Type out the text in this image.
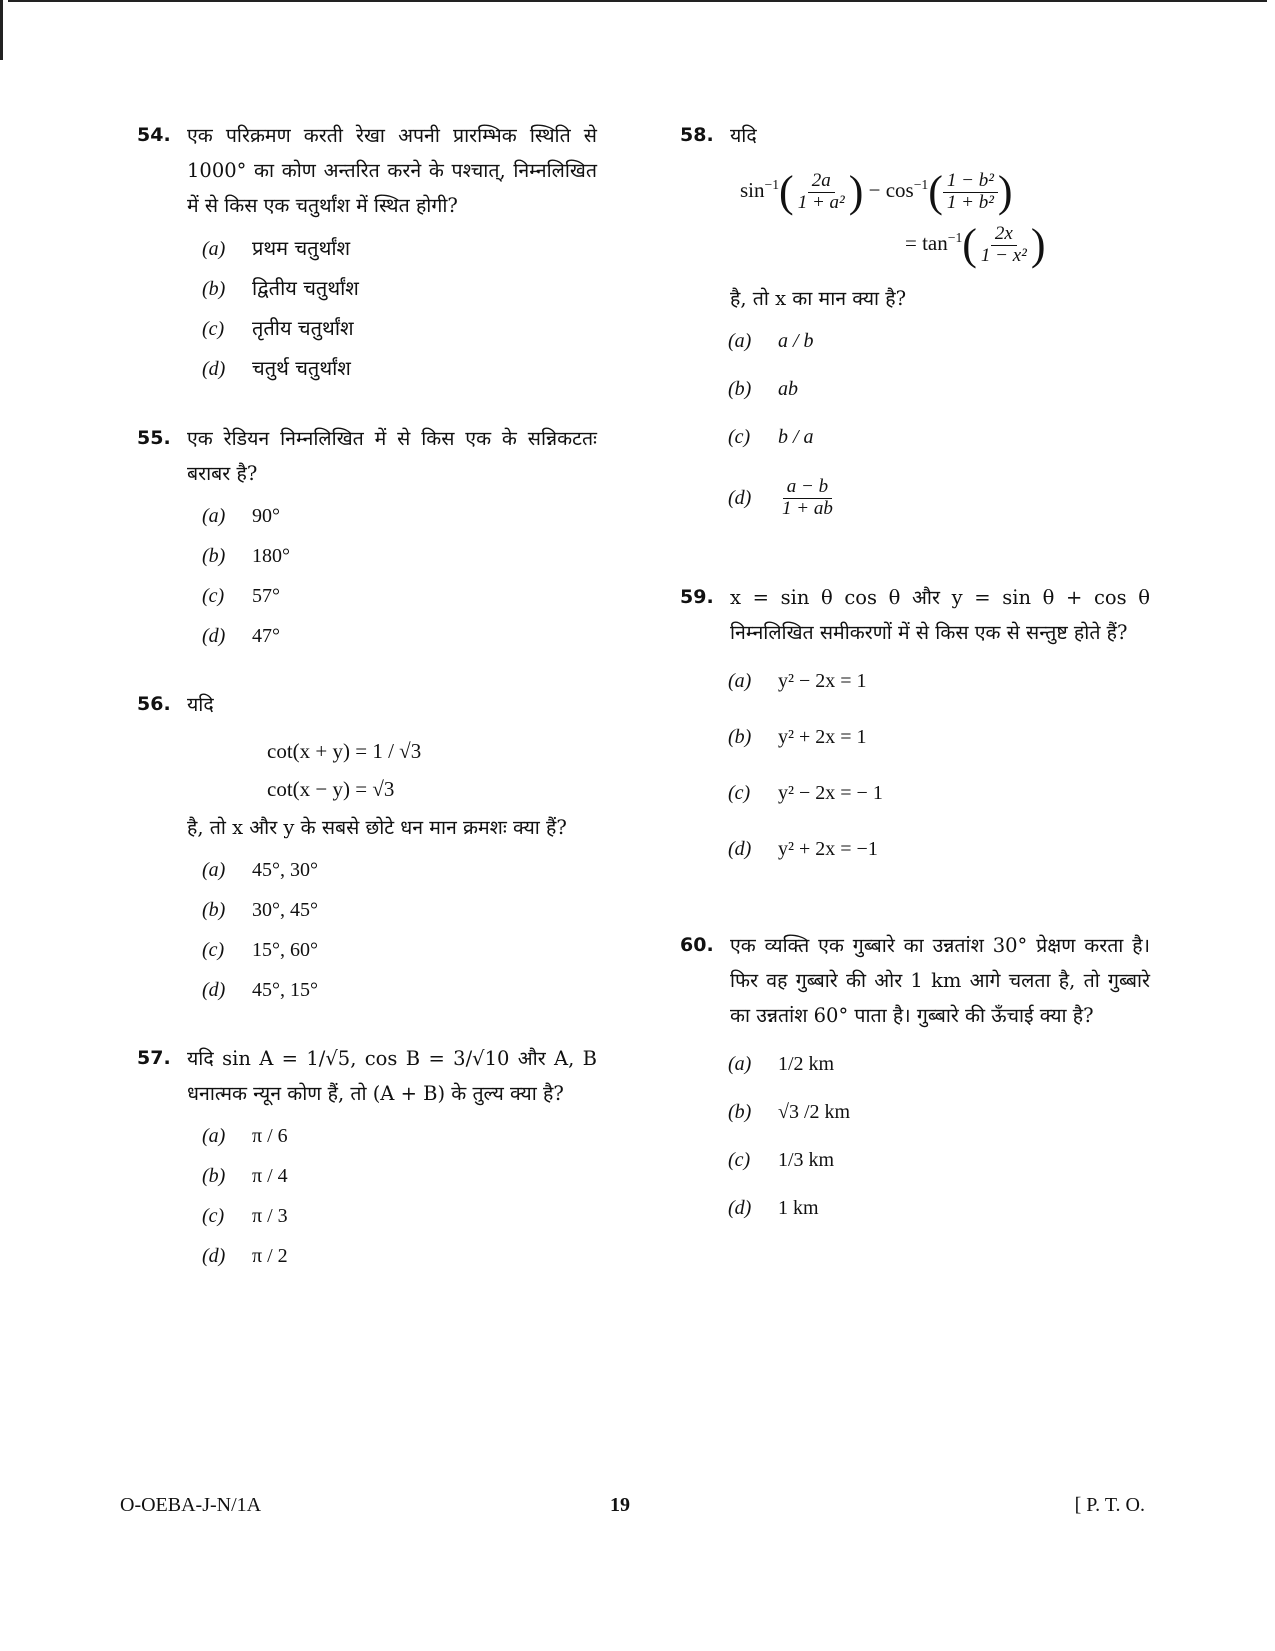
54. एक परिक्रमण करती रेखा अपनी प्रारम्भिक स्थिति से 1000° का कोण अन्तरित करने के पश्चात्, निम्नलिखित में से किस एक चतुर्थांश में स्थित होगी?
(a)	प्रथम चतुर्थांश
(b)	द्वितीय चतुर्थांश
(c)	तृतीय चतुर्थांश
(d)	चतुर्थ चतुर्थांश
55. एक रेडियन निम्नलिखित में से किस एक के सन्निकटतः बराबर है?
(a)	90°
(b)	180°
(c)	57°
(d)	47°
56. यदि
cot(x + y) = 1 / √3
cot(x − y) = √3
है, तो x और y के सबसे छोटे धन मान क्रमशः क्या हैं?
(a)	45°, 30°
(b)	30°, 45°
(c)	15°, 60°
(d)	45°, 15°
57. यदि sin A = 1/√5, cos B = 3/√10 और A, B धनात्मक न्यून कोण हैं, तो (A + B) के तुल्य क्या है?
(a)	π / 6
(b)	π / 4
(c)	π / 3
(d)	π / 2
58. यदि
$\sin^{-1}( \frac{2a}{\text{1 + a²}}$ ) − $\cos^{-1}( \frac{\text{1 − b²}}{\text{1 + b²}}$ )
= $\tan^{-1}( \frac{2x}{\text{1 − x²}}$ )
है, तो x का मान क्या है?
(a)	a / b
(b)	ab
(c)	b / a
(d)	$\frac{a - b}{1 + ab}$
59. x = sin θ cos θ और y = sin θ + cos θ निम्नलिखित समीकरणों में से किस एक से सन्तुष्ट होते हैं?
(a)	y² − 2x = 1
(b)	y² + 2x = 1
(c)	y² − 2x = − 1
(d)	y² + 2x = −1
60. एक व्यक्ति एक गुब्बारे का उन्नतांश 30° प्रेक्षण करता है। फिर वह गुब्बारे की ओर 1 km आगे चलता है, तो गुब्बारे का उन्नतांश 60° पाता है। गुब्बारे की ऊँचाई क्या है?
(a)	1/2 km
(b)	√3 /2 km
(c)	1/3 km
(d)	1 km
O-OEBA-J-N/1A	19	[ P. T. O.
